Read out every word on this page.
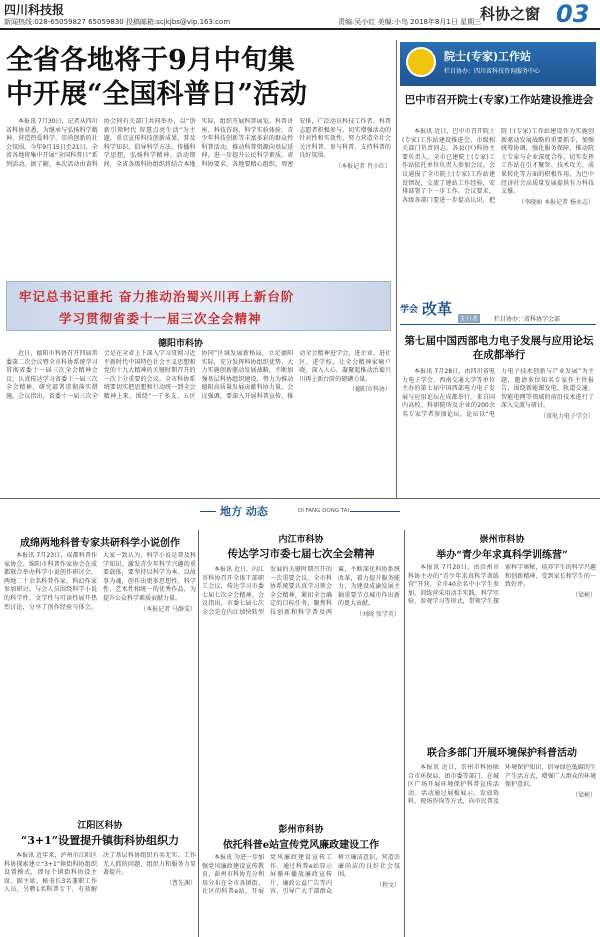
四川科技报
新闻热线:028-65059827 65059830 投稿邮箱:scjkjbs@vip.163.com	责编:吴小红 美编:小鸟 2018年8月1日 星期三
科协之窗 03
全省各地将于9月中旬集
中开展“全国科普日”活动

本报讯 7月30日，记者从四川省科协获悉，为继承与弘扬科学精神，营造热爱科学、崇尚创新的社会氛围，今年9月15日至21日，全省各地将集中开展“全国科普日”系列活动。据了解，本次活动由省科协会同有关部门共同举办，以“创新引领时代 智慧点亮生活”为主题，重点宣传科技创新成果，普及科学知识，倡导科学方法，传播科学思想，弘扬科学精神。活动期间，全省各级科协组织将结合本地实际，组织开展科普展览、科普讲座、科技咨询、科学实验体验、青少年科技创新等丰富多彩的群众性科普活动，推动科普资源向基层延伸，进一步提升公民科学素质。省科协要求，各地要精心组织、周密安排，广泛动员科技工作者、科普志愿者积极参与，切实增强活动的针对性和实效性，努力营造全社会关注科普、参与科普、支持科普的良好氛围。

（本报记者 肖小红）

牢记总书记重托 奋力推动治蜀兴川再上新台阶
学习贯彻省委十一届三次全会精神
德阳市科协

近日，德阳市科协召开四届常委第二次会议暨全市科协系统学习贯彻省委十一届三次全会精神会议，认真传达学习省委十一届三次全会精神，研究部署贯彻落实措施。会议指出，省委十一届三次全会是在全省上下深入学习贯彻习近平新时代中国特色社会主义思想和党的十九大精神的关键时期召开的一次十分重要的会议。全市科协系统要切实把思想和行动统一到全会精神上来，围绕“一干多支、五区协同”区域发展新格局，立足德阳实际，充分发挥科协组织优势，大力实施创新驱动发展战略，不断加强基层科协组织建设，努力为推动德阳高质量发展贡献科协力量。会议强调，要深入开展科普宣传，推动全会精神进学会、进企业、进社区、进学校，让全会精神家喻户晓、深入人心，凝聚起推动治蜀兴川再上新台阶的磅礴力量。

（德阳市科协）

院士(专家)工作站
栏目协办：四川省科技咨询服务中心
巴中市召开院士(专家)工作站建设推进会

本报讯 近日，巴中市召开院士(专家)工作站建设推进会，市级相关部门负责同志，各县(区)科协主要负责人，全市已建院士(专家)工作站依托单位负责人参加会议。会议通报了全市院士(专家)工作站建设情况，交流了建站工作经验，安排部署了下一步工作。会议要求，各级各部门要进一步提高认识，把院士(专家)工作站建设作为实施创新驱动发展战略的重要抓手，加强统筹协调，强化服务保障，推动院士专家与企业深度合作，切实发挥工作站在引才聚智、技术攻关、成果转化等方面的积极作用，为巴中经济社会高质量发展提供有力科技支撑。

（李晓丽 本报记者 杨永志）

学会 改革
先行者	栏目协办：省科协学会部
第七届中国西部电力电子发展与应用论坛在成都举行

本报讯 7月28日，由四川省电力电子学会、西南交通大学等单位主办的第七届中国西部电力电子发展与应用论坛在成都举行。来自国内高校、科研院所及企业的200余名专家学者参加论坛。论坛以“电力电子技术创新与产业发展”为主题，邀请多位知名专家作主旨报告，围绕新能源发电、轨道交通、智能电网等领域的前沿技术进行了深入交流与研讨。

（省电力电子学会）

地方 动态	DI FANG DONG TAI
成绵两地科普专家共研科学小说创作

本报讯 7月23日，成都科普作家协会、绵阳市科普作家协会在成都联合举办科学小说创作研讨会。两地二十余名科普作家、科幻作家参加研讨。与会人员围绕科学小说的科学性、文学性与可读性展开热烈讨论，分享了创作经验与体会。大家一致认为，科学小说是普及科学知识、激发青少年科学兴趣的重要载体，要坚持以科学为本、以故事为魂，创作出更多思想性、科学性、艺术性相统一的优秀作品，为提升公众科学素质贡献力量。

（本报记者 马静雯）

江阳区科协
“3+1”设置提升镇街科协组织力

本报讯 近年来，泸州市江阳区科协探索建立“3+1”镇街科协组织设置模式，即每个镇街科协设主席、副主席、秘书长3名兼职工作人员，另聘1名科普专干，有效解决了基层科协组织有名无实、工作无人抓的问题，组织力和服务力显著提升。

（曹先渊）

内江市科协
传达学习市委七届七次全会精神

本报讯 近日，内江市科协召开全体干部职工会议，传达学习市委七届七次全会精神。会议指出，市委七届七次全会是在内江加快转型发展的关键时期召开的一次重要会议。全市科协系统要认真学习领会全会精神，紧扣全会确定的目标任务，聚焦科技创新和科学普及两翼，不断深化科协系统改革，着力提升服务能力，为建设成渝发展主轴重要节点城市作出新的更大贡献。

（刘晓 张学英）

彭州市科协
依托科普e站宣传党风廉政建设工作

本报讯 为进一步加强党风廉政建设宣传教育，彭州市科协充分利用分布在全市各镇街、社区的科普e站，开展党风廉政建设宣传工作。通过科普e站显示屏循环播放廉政宣传片、廉政公益广告等内容，引导广大干部群众树立廉洁意识，营造崇廉尚洁的良好社会氛围。

（程文）

崇州市科协
举办“青少年求真科学训练营”

本报讯 7月20日，由崇州市科协主办的“青少年求真科学训练营”开营，全市40余名中小学生参加。训练营采用动手实践、科学实验、参观学习等形式，带领学生探索科学奥秘，培养学生的科学兴趣和创新精神，受到家长和学生的一致好评。

（梁桢）

联合多部门开展环境保护科普活动

本报讯 近日，崇州市科协联合市环保局、团市委等部门，在城区广场开展环境保护科普宣传活动。活动通过展板展示、发放资料、现场咨询等方式，向市民普及环境保护知识，倡导绿色低碳的生产生活方式，增强广大群众的环境保护意识。

（梁桢）
